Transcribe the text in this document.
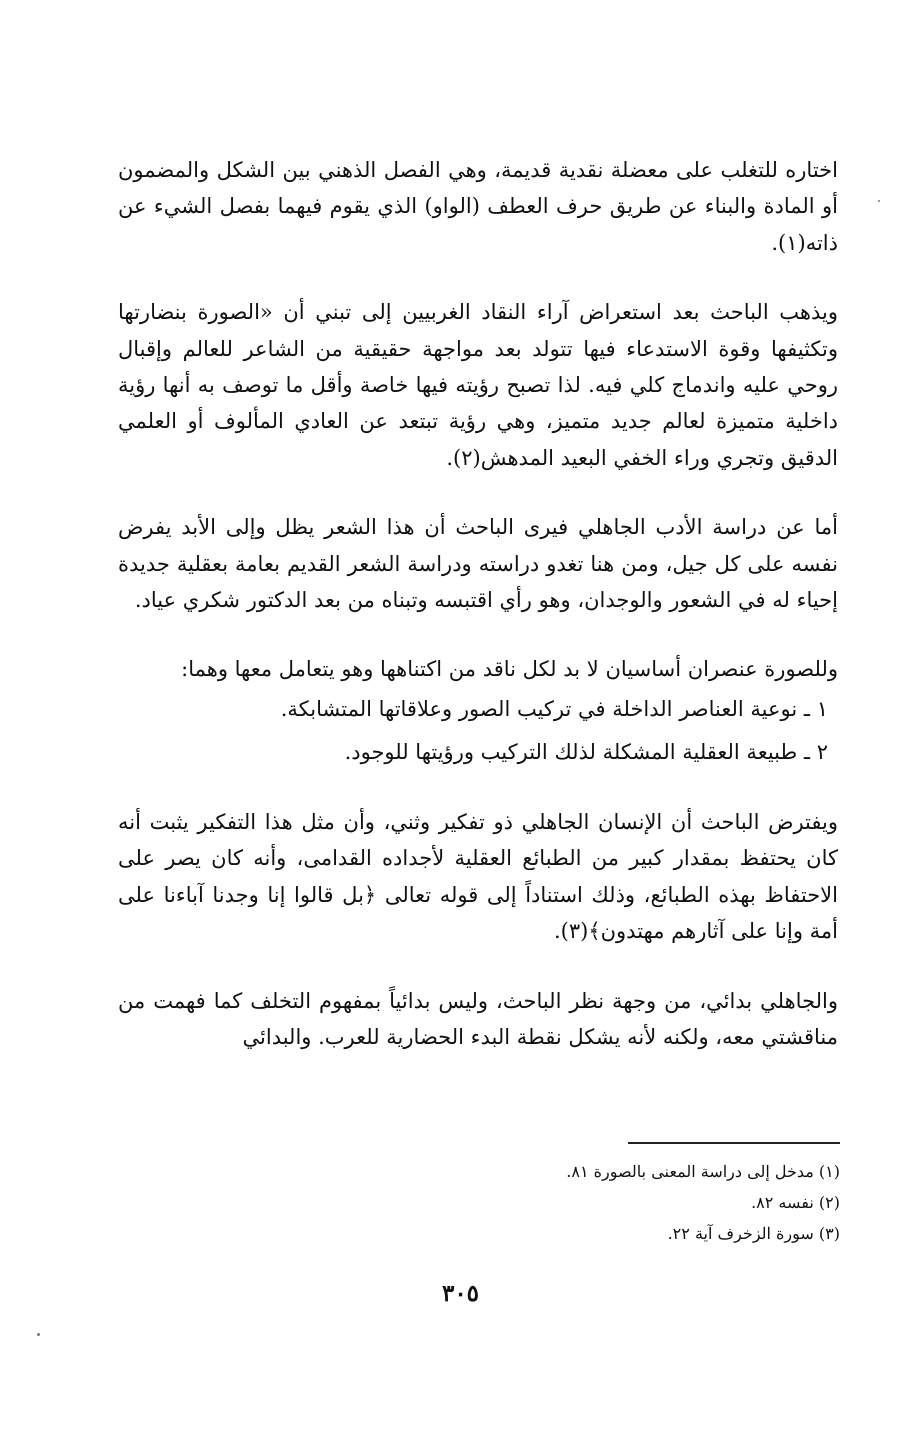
اختاره للتغلب على معضلة نقدية قديمة، وهي الفصل الذهني بين الشكل والمضمون أو المادة والبناء عن طريق حرف العطف (الواو) الذي يقوم فيهما بفصل الشيء عن ذاته(١).

ويذهب الباحث بعد استعراض آراء النقاد الغربيين إلى تبني أن «الصورة بنضارتها وتكثيفها وقوة الاستدعاء فيها تتولد بعد مواجهة حقيقية من الشاعر للعالم وإقبال روحي عليه واندماج كلي فيه. لذا تصبح رؤيته فيها خاصة وأقل ما توصف به أنها رؤية داخلية متميزة لعالم جديد متميز، وهي رؤية تبتعد عن العادي المألوف أو العلمي الدقيق وتجري وراء الخفي البعيد المدهش(٢).

أما عن دراسة الأدب الجاهلي فيرى الباحث أن هذا الشعر يظل وإلى الأبد يفرض نفسه على كل جيل، ومن هنا تغدو دراسته ودراسة الشعر القديم بعامة بعقلية جديدة إحياء له في الشعور والوجدان، وهو رأي اقتبسه وتبناه من بعد الدكتور شكري عياد.

وللصورة عنصران أساسيان لا بد لكل ناقد من اكتناهها وهو يتعامل معها وهما:

١ ـ نوعية العناصر الداخلة في تركيب الصور وعلاقاتها المتشابكة.

٢ ـ طبيعة العقلية المشكلة لذلك التركيب ورؤيتها للوجود.

ويفترض الباحث أن الإنسان الجاهلي ذو تفكير وثني، وأن مثل هذا التفكير يثبت أنه كان يحتفظ بمقدار كبير من الطبائع العقلية لأجداده القدامى، وأنه كان يصر على الاحتفاظ بهذه الطبائع، وذلك استناداً إلى قوله تعالى ﴿بل قالوا إنا وجدنا آباءنا على أمة وإنا على آثارهم مهتدون﴾(٣).

والجاهلي بدائي، من وجهة نظر الباحث، وليس بدائياً بمفهوم التخلف كما فهمت من مناقشتي معه، ولكنه لأنه يشكل نقطة البدء الحضارية للعرب. والبدائي

(١) مدخل إلى دراسة المعنى بالصورة ٨١.

(٢) نفسه ٨٢.

(٣) سورة الزخرف آية ٢٢.

٣٠٥
